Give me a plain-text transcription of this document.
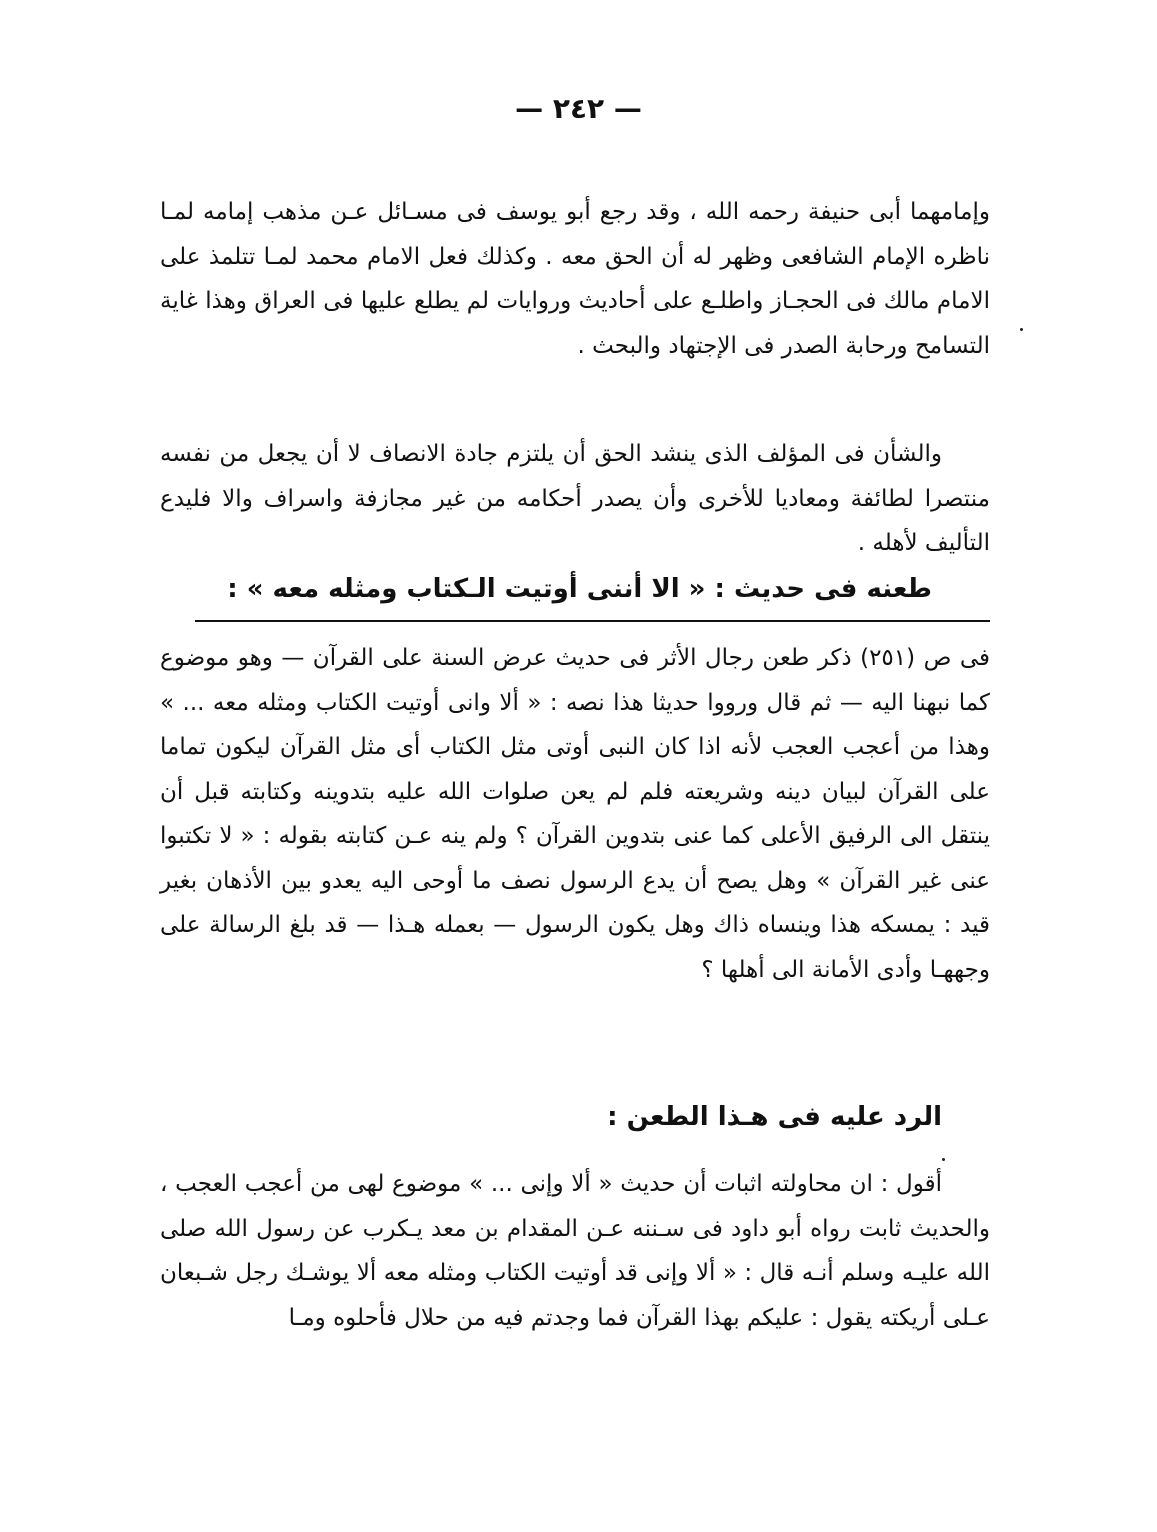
— ٢٤٢ —

وإمامهما أبى حنيفة رحمه الله ، وقد رجع أبو يوسف فى مسـائل عـن مذهب إمامه لمـا ناظره الإمام الشافعى وظهر له أن الحق معه . وكذلك فعل الامام محمد لمـا تتلمذ على الامام مالك فى الحجـاز واطلـع على أحاديث وروايات لم يطلع عليها فى العراق وهذا غاية التسامح ورحابة الصدر فى الإجتهاد والبحث .

والشأن فى المؤلف الذى ينشد الحق أن يلتزم جادة الانصاف لا أن يجعل من نفسه منتصرا لطائفة ومعاديا للأخرى وأن يصدر أحكامه من غير مجازفة واسراف والا فليدع التأليف لأهله .

طعنه فى حديث : « الا أننى أوتيت الـكتاب ومثله معه » :

فى ص (٢٥١) ذكر طعن رجال الأثر فى حديث عرض السنة على القرآن — وهو موضوع كما نبهنا اليه — ثم قال ورووا حديثا هذا نصه : « ألا وانى أوتيت الكتاب ومثله معه ... » وهذا من أعجب العجب لأنه اذا كان النبى أوتى مثل الكتاب أى مثل القرآن ليكون تماما على القرآن لبيان دينه وشريعته فلم لم يعن صلوات الله عليه بتدوينه وكتابته قبل أن ينتقل الى الرفيق الأعلى كما عنى بتدوين القرآن ؟ ولم ينه عـن كتابته بقوله : « لا تكتبوا عنى غير القرآن » وهل يصح أن يدع الرسول نصف ما أوحى اليه يعدو بين الأذهان بغير قيد : يمسكه هذا وينساه ذاك وهل يكون الرسول — بعمله هـذا — قد بلغ الرسالة على وجههـا وأدى الأمانة الى أهلها ؟

الرد عليه فى هـذا الطعن :

أقول : ان محاولته اثبات أن حديث « ألا وإنى ... » موضوع لهى من أعجب العجب ، والحديث ثابت رواه أبو داود فى سـننه عـن المقدام بن معد يـكرب عن رسول الله صلى الله عليـه وسلم أنـه قال : « ألا وإنى قد أوتيت الكتاب ومثله معه ألا يوشـك رجل شـبعان عـلى أريكته يقول : عليكم بهذا القرآن فما وجدتم فيه من حلال فأحلوه ومـا
